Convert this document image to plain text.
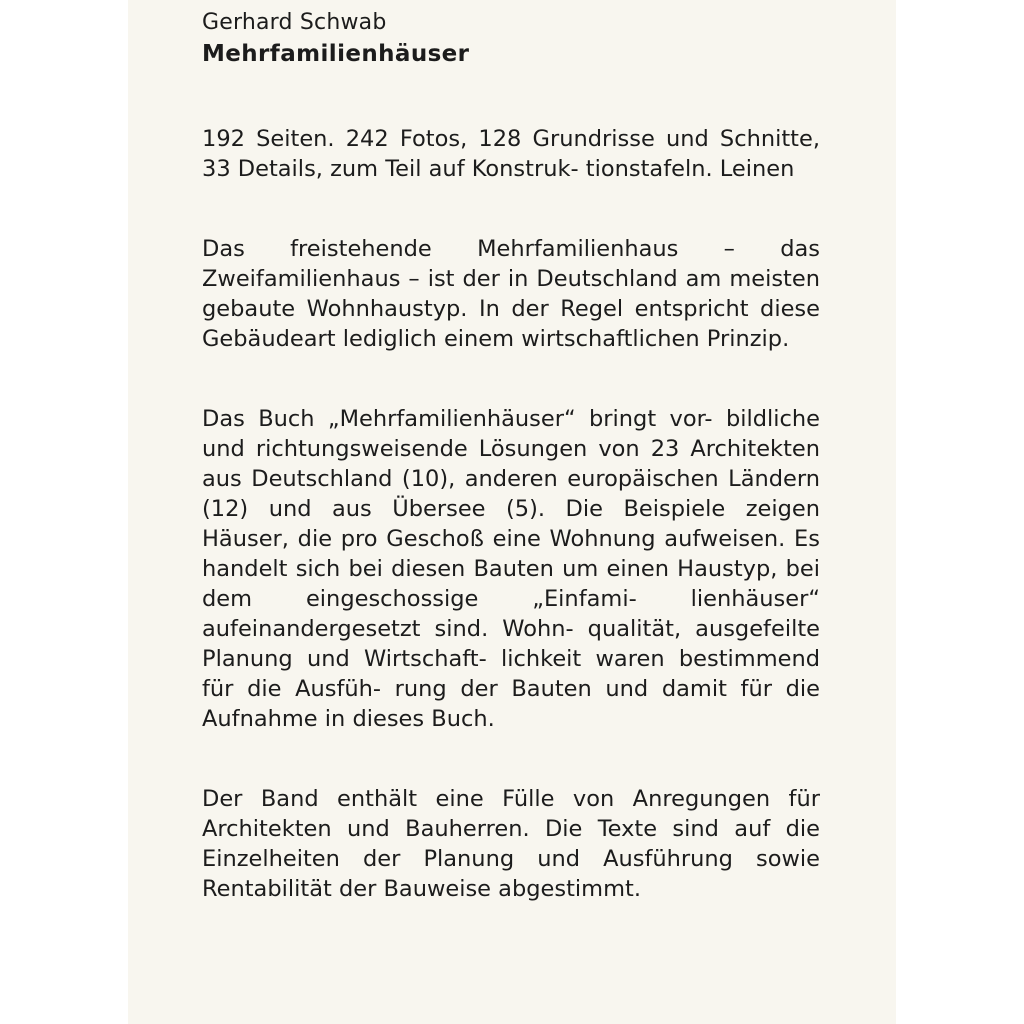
Gerhard Schwab

Mehrfamilienhäuser

192 Seiten. 242 Fotos, 128 Grundrisse und Schnitte, 33 Details, zum Teil auf Konstruk- tionstafeln. Leinen

Das freistehende Mehrfamilienhaus – das Zweifamilienhaus – ist der in Deutschland am meisten gebaute Wohnhaustyp. In der Regel entspricht diese Gebäudeart lediglich einem wirtschaftlichen Prinzip.

Das Buch „Mehrfamilienhäuser“ bringt vor- bildliche und richtungsweisende Lösungen von 23 Architekten aus Deutschland (10), anderen europäischen Ländern (12) und aus Übersee (5). Die Beispiele zeigen Häuser, die pro Geschoß eine Wohnung aufweisen. Es handelt sich bei diesen Bauten um einen Haustyp, bei dem eingeschossige „Einfami- lienhäuser“ aufeinandergesetzt sind. Wohn- qualität, ausgefeilte Planung und Wirtschaft- lichkeit waren bestimmend für die Ausfüh- rung der Bauten und damit für die Aufnahme in dieses Buch.

Der Band enthält eine Fülle von Anregungen für Architekten und Bauherren. Die Texte sind auf die Einzelheiten der Planung und Ausführung sowie Rentabilität der Bauweise abgestimmt.
